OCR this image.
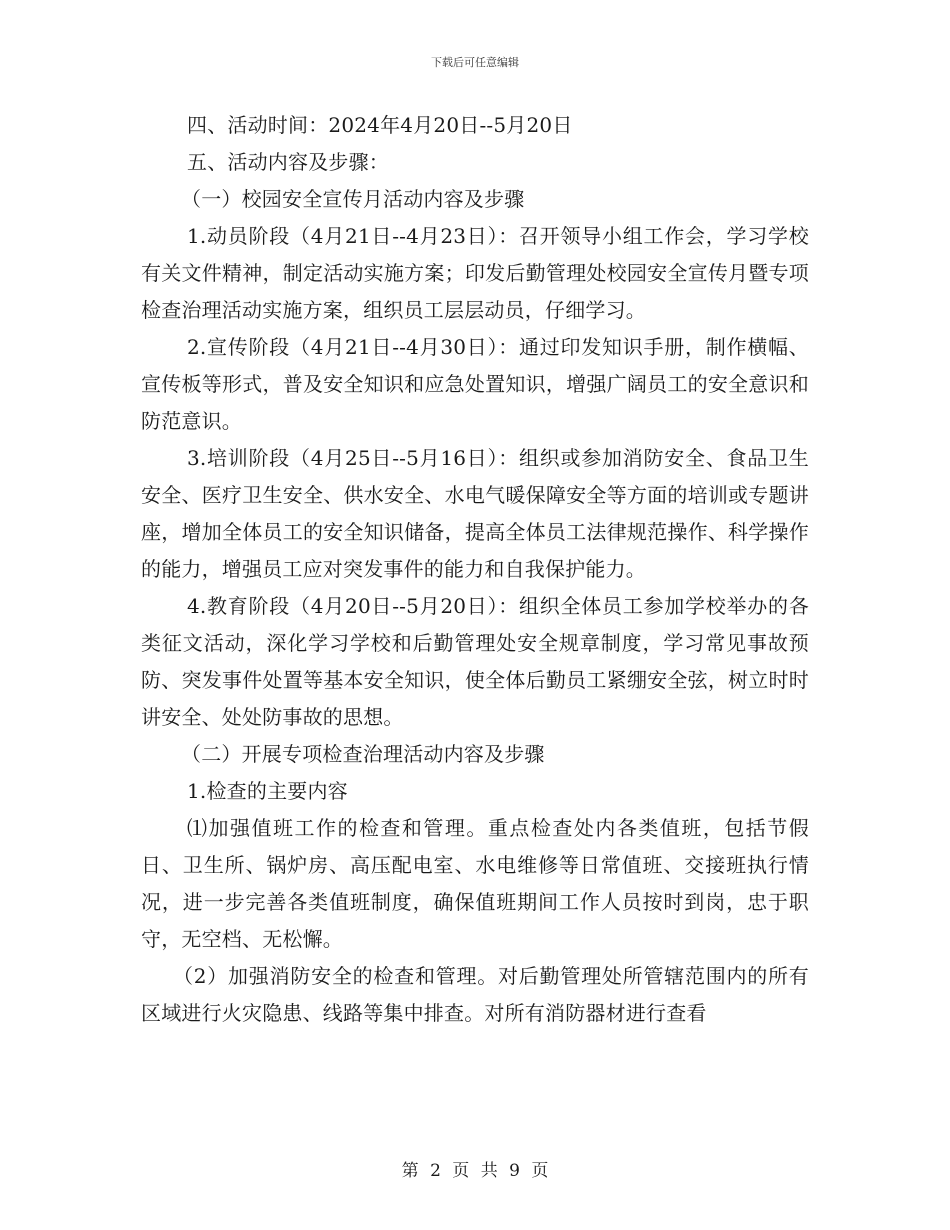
下载后可任意编辑

四、活动时间：2024年4月20日--5月20日

五、活动内容及步骤：

（一）校园安全宣传月活动内容及步骤

1.动员阶段（4月21日--4月23日）：召开领导小组工作会，学习学校有关文件精神，制定活动实施方案；印发后勤管理处校园安全宣传月暨专项检查治理活动实施方案，组织员工层层动员，仔细学习。

2.宣传阶段（4月21日--4月30日）：通过印发知识手册，制作横幅、宣传板等形式，普及安全知识和应急处置知识，增强广阔员工的安全意识和防范意识。

3.培训阶段（4月25日--5月16日）：组织或参加消防安全、食品卫生安全、医疗卫生安全、供水安全、水电气暖保障安全等方面的培训或专题讲座，增加全体员工的安全知识储备，提高全体员工法律规范操作、科学操作的能力，增强员工应对突发事件的能力和自我保护能力。

4.教育阶段（4月20日--5月20日）：组织全体员工参加学校举办的各类征文活动，深化学习学校和后勤管理处安全规章制度，学习常见事故预防、突发事件处置等基本安全知识，使全体后勤员工紧绷安全弦，树立时时讲安全、处处防事故的思想。

（二）开展专项检查治理活动内容及步骤

1.检查的主要内容

⑴加强值班工作的检查和管理。重点检查处内各类值班，包括节假日、卫生所、锅炉房、高压配电室、水电维修等日常值班、交接班执行情况，进一步完善各类值班制度，确保值班期间工作人员按时到岗，忠于职守，无空档、无松懈。

（2）加强消防安全的检查和管理。对后勤管理处所管辖范围内的所有区域进行火灾隐患、线路等集中排查。对所有消防器材进行查看

第 2 页 共 9 页
